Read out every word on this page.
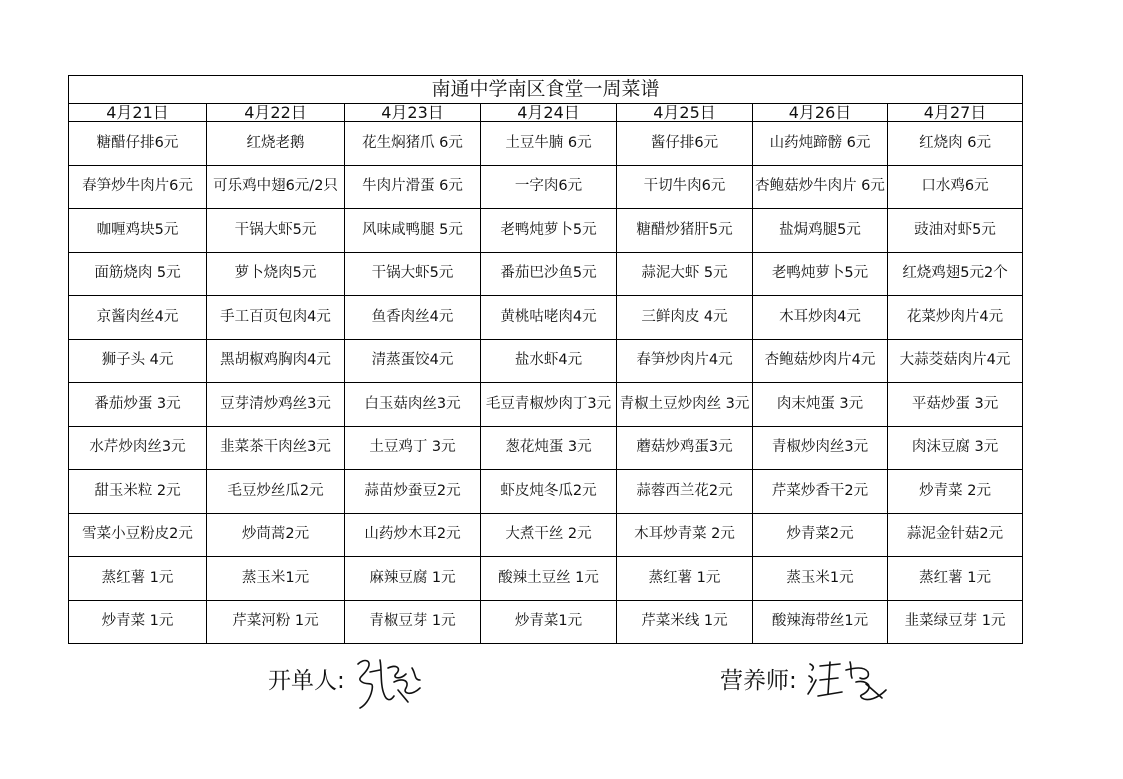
南通中学南区食堂一周菜谱						
4月21日	4月22日	4月23日	4月24日	4月25日	4月26日	4月27日
糖醋仔排6元	红烧老鹅	花生焖猪爪 6元	土豆牛腩 6元	酱仔排6元	山药炖蹄髈 6元	红烧肉 6元
春笋炒牛肉片6元	可乐鸡中翅6元/2只	牛肉片滑蛋 6元	一字肉6元	干切牛肉6元	杏鲍菇炒牛肉片 6元	口水鸡6元
咖喱鸡块5元	干锅大虾5元	风味咸鸭腿 5元	老鸭炖萝卜5元	糖醋炒猪肝5元	盐焗鸡腿5元	豉油对虾5元
面筋烧肉 5元	萝卜烧肉5元	干锅大虾5元	番茄巴沙鱼5元	蒜泥大虾 5元	老鸭炖萝卜5元	红烧鸡翅5元2个
京酱肉丝4元	手工百页包肉4元	鱼香肉丝4元	黄桃咕咾肉4元	三鲜肉皮 4元	木耳炒肉4元	花菜炒肉片4元
狮子头 4元	黑胡椒鸡胸肉4元	清蒸蛋饺4元	盐水虾4元	春笋炒肉片4元	杏鲍菇炒肉片4元	大蒜茭菇肉片4元
番茄炒蛋 3元	豆芽清炒鸡丝3元	白玉菇肉丝3元	毛豆青椒炒肉丁3元	青椒土豆炒肉丝 3元	肉末炖蛋 3元	平菇炒蛋 3元
水芹炒肉丝3元	韭菜茶干肉丝3元	土豆鸡丁 3元	葱花炖蛋 3元	蘑菇炒鸡蛋3元	青椒炒肉丝3元	肉沫豆腐 3元
甜玉米粒 2元	毛豆炒丝瓜2元	蒜苗炒蚕豆2元	虾皮炖冬瓜2元	蒜蓉西兰花2元	芹菜炒香干2元	炒青菜 2元
雪菜小豆粉皮2元	炒茼蒿2元	山药炒木耳2元	大煮干丝 2元	木耳炒青菜 2元	炒青菜2元	蒜泥金针菇2元
蒸红薯 1元	蒸玉米1元	麻辣豆腐 1元	酸辣土豆丝 1元	蒸红薯 1元	蒸玉米1元	蒸红薯 1元
炒青菜 1元	芹菜河粉 1元	青椒豆芽 1元	炒青菜1元	芹菜米线 1元	酸辣海带丝1元	韭菜绿豆芽 1元
开单人:	营养师:
